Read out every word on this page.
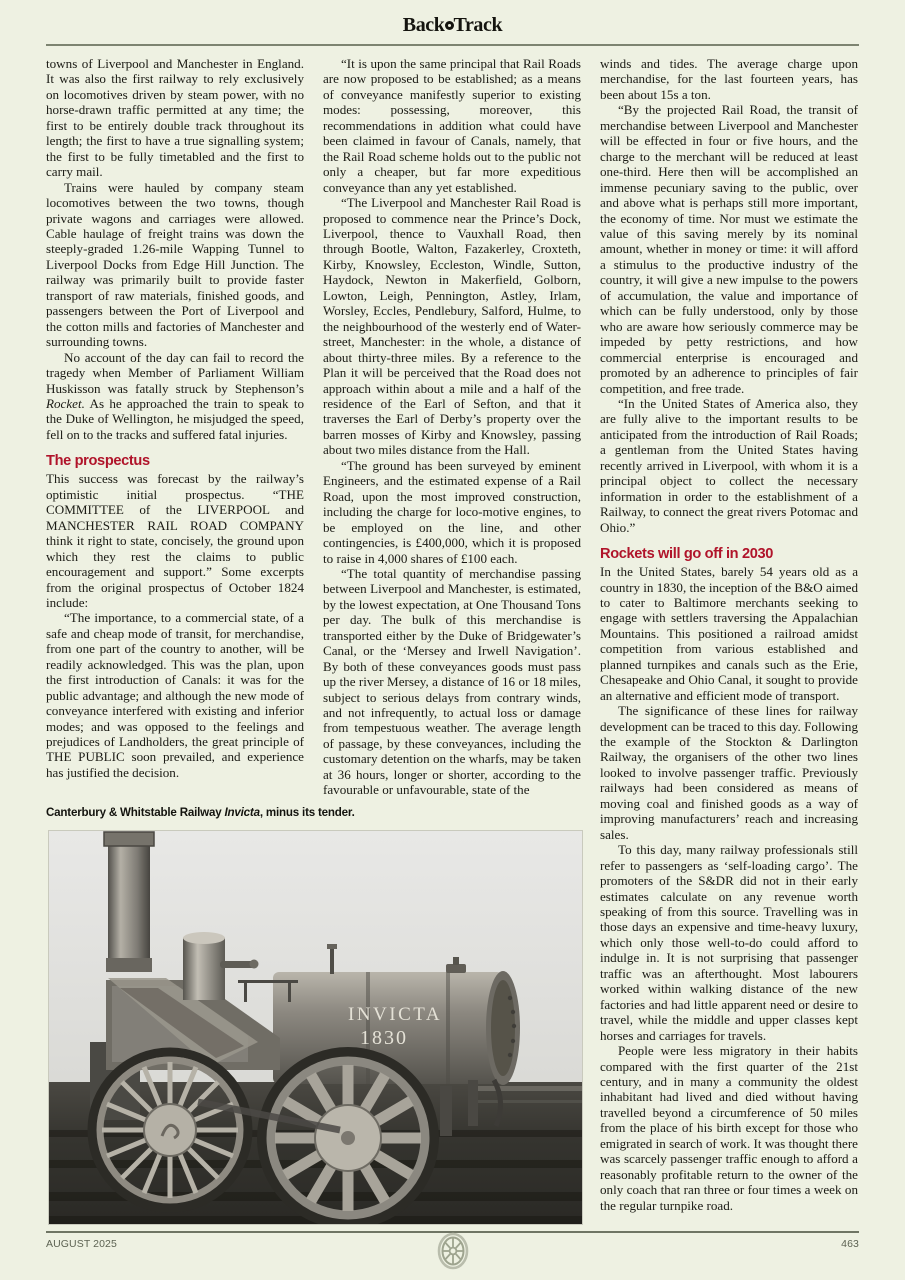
Back Track

towns of Liverpool and Manchester in England. It was also the first railway to rely exclusively on locomotives driven by steam power, with no horse-drawn traffic permitted at any time; the first to be entirely double track throughout its length; the first to have a true signalling system; the first to be fully timetabled and the first to carry mail.

Trains were hauled by company steam locomotives between the two towns, though private wagons and carriages were allowed. Cable haulage of freight trains was down the steeply-graded 1.26-mile Wapping Tunnel to Liverpool Docks from Edge Hill Junction. The railway was primarily built to provide faster transport of raw materials, finished goods, and passengers between the Port of Liverpool and the cotton mills and factories of Manchester and surrounding towns.

No account of the day can fail to record the tragedy when Member of Parliament William Huskisson was fatally struck by Stephenson’s Rocket. As he approached the train to speak to the Duke of Wellington, he misjudged the speed, fell on to the tracks and suffered fatal injuries.

The prospectus

This success was forecast by the railway’s optimistic initial prospectus. “THE COMMITTEE of the LIVERPOOL and MANCHESTER RAIL ROAD COMPANY think it right to state, concisely, the ground upon which they rest the claims to public encouragement and support.” Some excerpts from the original prospectus of October 1824 include:

“The importance, to a commercial state, of a safe and cheap mode of transit, for merchandise, from one part of the country to another, will be readily acknowledged. This was the plan, upon the first introduction of Canals: it was for the public advantage; and although the new mode of conveyance interfered with existing and inferior modes; and was opposed to the feelings and prejudices of Landholders, the great principle of THE PUBLIC soon prevailed, and experience has justified the decision.

“It is upon the same principal that Rail Roads are now proposed to be established; as a means of conveyance manifestly superior to existing modes: possessing, moreover, this recommendations in addition what could have been claimed in favour of Canals, namely, that the Rail Road scheme holds out to the public not only a cheaper, but far more expeditious conveyance than any yet established.

“The Liverpool and Manchester Rail Road is proposed to commence near the Prince’s Dock, Liverpool, thence to Vauxhall Road, then through Bootle, Walton, Fazakerley, Croxteth, Kirby, Knowsley, Eccleston, Windle, Sutton, Haydock, Newton in Makerfield, Golborn, Lowton, Leigh, Pennington, Astley, Irlam, Worsley, Eccles, Pendlebury, Salford, Hulme, to the neighbourhood of the westerly end of Water-street, Manchester: in the whole, a distance of about thirty-three miles. By a reference to the Plan it will be perceived that the Road does not approach within about a mile and a half of the residence of the Earl of Sefton, and that it traverses the Earl of Derby’s property over the barren mosses of Kirby and Knowsley, passing about two miles distance from the Hall.

“The ground has been surveyed by eminent Engineers, and the estimated expense of a Rail Road, upon the most improved construction, including the charge for loco-motive engines, to be employed on the line, and other contingencies, is £400,000, which it is proposed to raise in 4,000 shares of £100 each.

“The total quantity of merchandise passing between Liverpool and Manchester, is estimated, by the lowest expectation, at One Thousand Tons per day. The bulk of this merchandise is transported either by the Duke of Bridgewater’s Canal, or the ‘Mersey and Irwell Navigation’. By both of these conveyances goods must pass up the river Mersey, a distance of 16 or 18 miles, subject to serious delays from contrary winds, and not infrequently, to actual loss or damage from tempestuous weather. The average length of passage, by these conveyances, including the customary detention on the wharfs, may be taken at 36 hours, longer or shorter, according to the favourable or unfavourable, state of the

winds and tides. The average charge upon merchandise, for the last fourteen years, has been about 15s a ton.

“By the projected Rail Road, the transit of merchandise between Liverpool and Manchester will be effected in four or five hours, and the charge to the merchant will be reduced at least one-third. Here then will be accomplished an immense pecuniary saving to the public, over and above what is perhaps still more important, the economy of time. Nor must we estimate the value of this saving merely by its nominal amount, whether in money or time: it will afford a stimulus to the productive industry of the country, it will give a new impulse to the powers of accumulation, the value and importance of which can be fully understood, only by those who are aware how seriously commerce may be impeded by petty restrictions, and how commercial enterprise is encouraged and promoted by an adherence to principles of fair competition, and free trade.

“In the United States of America also, they are fully alive to the important results to be anticipated from the introduction of Rail Roads; a gentleman from the United States having recently arrived in Liverpool, with whom it is a principal object to collect the necessary information in order to the establishment of a Railway, to connect the great rivers Potomac and Ohio.”

Rockets will go off in 2030

In the United States, barely 54 years old as a country in 1830, the inception of the B&O aimed to cater to Baltimore merchants seeking to engage with settlers traversing the Appalachian Mountains. This positioned a railroad amidst competition from various established and planned turnpikes and canals such as the Erie, Chesapeake and Ohio Canal, it sought to provide an alternative and efficient mode of transport.

The significance of these lines for railway development can be traced to this day. Following the example of the Stockton & Darlington Railway, the organisers of the other two lines looked to involve passenger traffic. Previously railways had been considered as means of moving coal and finished goods as a way of improving manufacturers’ reach and increasing sales.

To this day, many railway professionals still refer to passengers as ‘self-loading cargo’. The promoters of the S&DR did not in their early estimates calculate on any revenue worth speaking of from this source. Travelling was in those days an expensive and time-heavy luxury, which only those well-to-do could afford to indulge in. It is not surprising that passenger traffic was an afterthought. Most labourers worked within walking distance of the new factories and had little apparent need or desire to travel, while the middle and upper classes kept horses and carriages for travels.

People were less migratory in their habits compared with the first quarter of the 21st century, and in many a community the oldest inhabitant had lived and died without having travelled beyond a circumference of 50 miles from the place of his birth except for those who emigrated in search of work. It was thought there was scarcely passenger traffic enough to afford a reasonably profitable return to the owner of the only coach that ran three or four times a week on the regular turnpike road.

Canterbury & Whitstable Railway Invicta, minus its tender.
INVICTA
1830
AUGUST 2025	463
